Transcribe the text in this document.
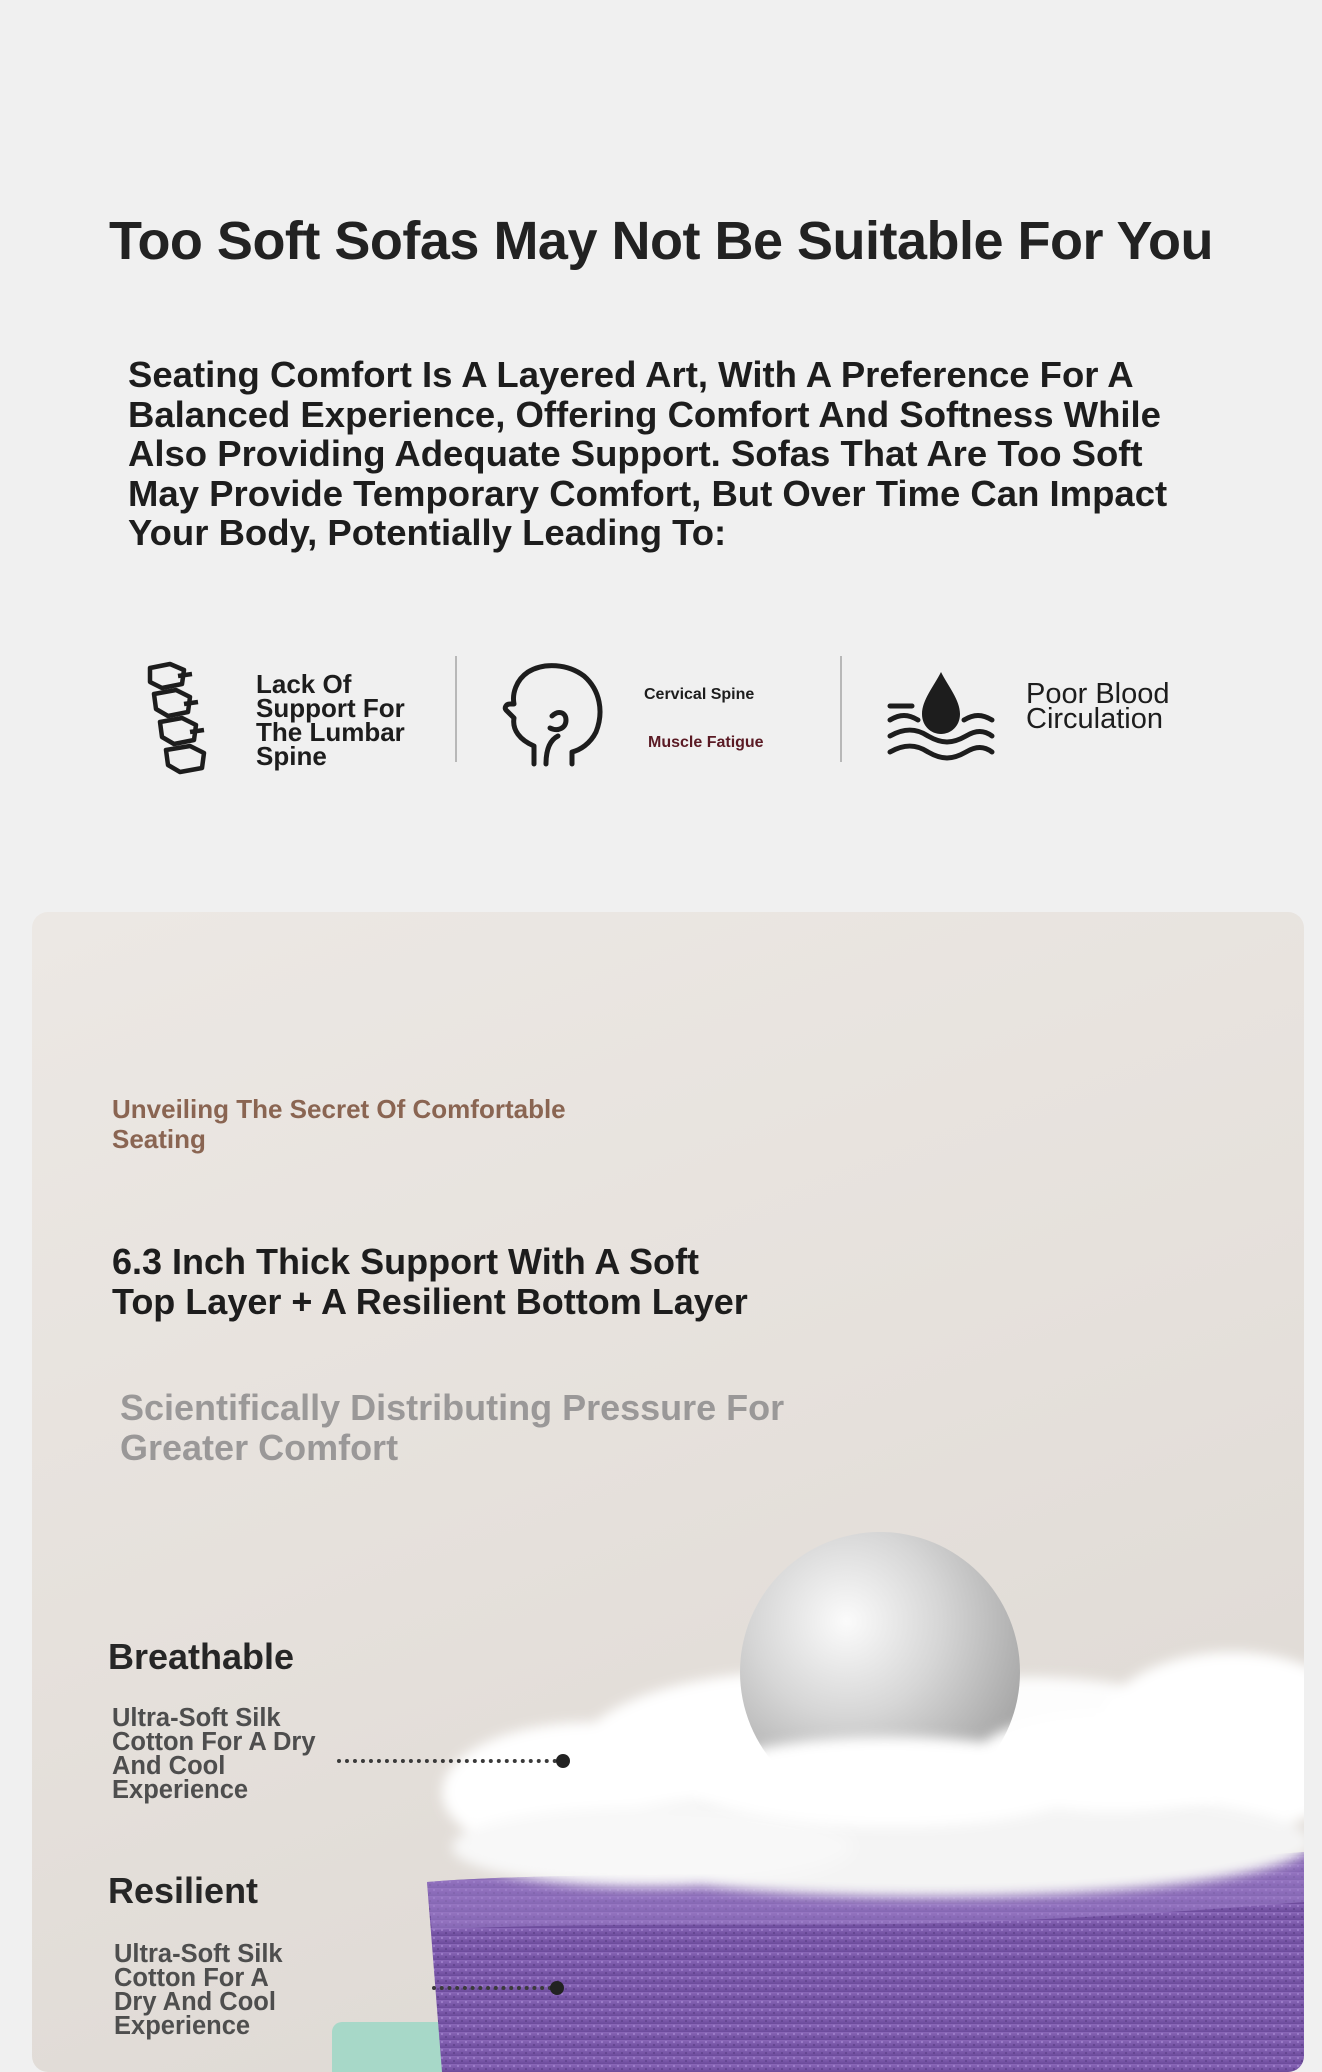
Too Soft Sofas May Not Be Suitable For You
Seating Comfort Is A Layered Art, With A Preference For A Balanced Experience, Offering Comfort And Softness While Also Providing Adequate Support. Sofas That Are Too Soft May Provide Temporary Comfort, But Over Time Can Impact Your Body, Potentially Leading To:
Lack Of Support For The Lumbar Spine
Cervical Spine
Muscle Fatigue
Poor Blood Circulation
Unveiling The Secret Of Comfortable Seating
6.3 Inch Thick Support With A Soft Top Layer + A Resilient Bottom Layer
Scientifically Distributing Pressure For Greater Comfort
Breathable
Ultra-Soft Silk Cotton For A Dry And Cool Experience
Resilient
Ultra-Soft Silk Cotton For A Dry And Cool Experience
